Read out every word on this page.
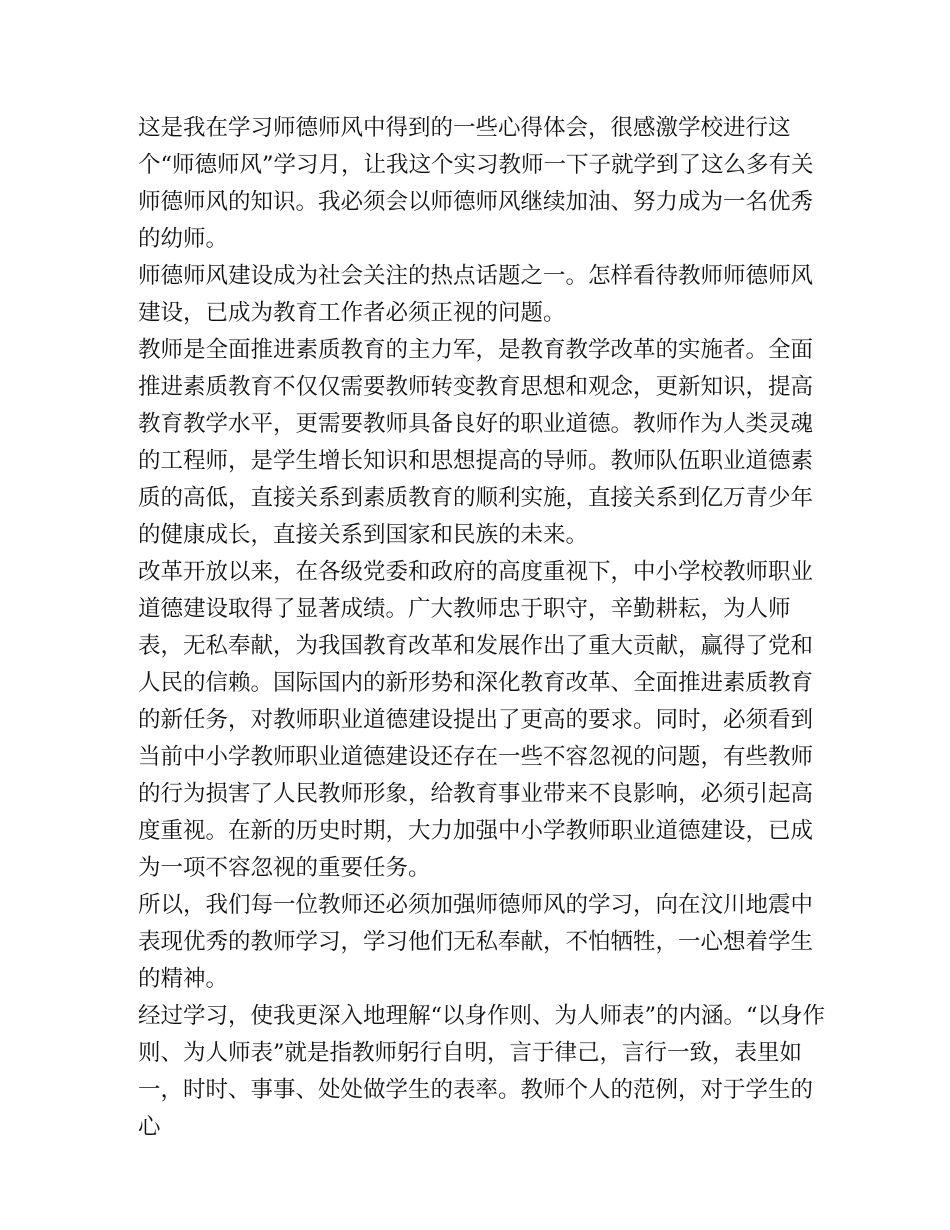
这是我在学习师德师风中得到的一些心得体会，很感激学校进行这个“师德师风”学习月，让我这个实习教师一下子就学到了这么多有关师德师风的知识。我必须会以师德师风继续加油、努力成为一名优秀的幼师。

师德师风建设成为社会关注的热点话题之一。怎样看待教师师德师风建设，已成为教育工作者必须正视的问题。

教师是全面推进素质教育的主力军，是教育教学改革的实施者。全面推进素质教育不仅仅需要教师转变教育思想和观念，更新知识，提高教育教学水平，更需要教师具备良好的职业道德。教师作为人类灵魂的工程师，是学生增长知识和思想提高的导师。教师队伍职业道德素质的高低，直接关系到素质教育的顺利实施，直接关系到亿万青少年的健康成长，直接关系到国家和民族的未来。

改革开放以来，在各级党委和政府的高度重视下，中小学校教师职业道德建设取得了显著成绩。广大教师忠于职守，辛勤耕耘，为人师表，无私奉献，为我国教育改革和发展作出了重大贡献，赢得了党和人民的信赖。国际国内的新形势和深化教育改革、全面推进素质教育的新任务，对教师职业道德建设提出了更高的要求。同时，必须看到当前中小学教师职业道德建设还存在一些不容忽视的问题，有些教师的行为损害了人民教师形象，给教育事业带来不良影响，必须引起高度重视。在新的历史时期，大力加强中小学教师职业道德建设，已成为一项不容忽视的重要任务。

所以，我们每一位教师还必须加强师德师风的学习，向在汶川地震中表现优秀的教师学习，学习他们无私奉献，不怕牺牲，一心想着学生的精神。

经过学习，使我更深入地理解“以身作则、为人师表”的内涵。“以身作则、为人师表”就是指教师躬行自明，言于律己，言行一致，表里如一，时时、事事、处处做学生的表率。教师个人的范例，对于学生的心
